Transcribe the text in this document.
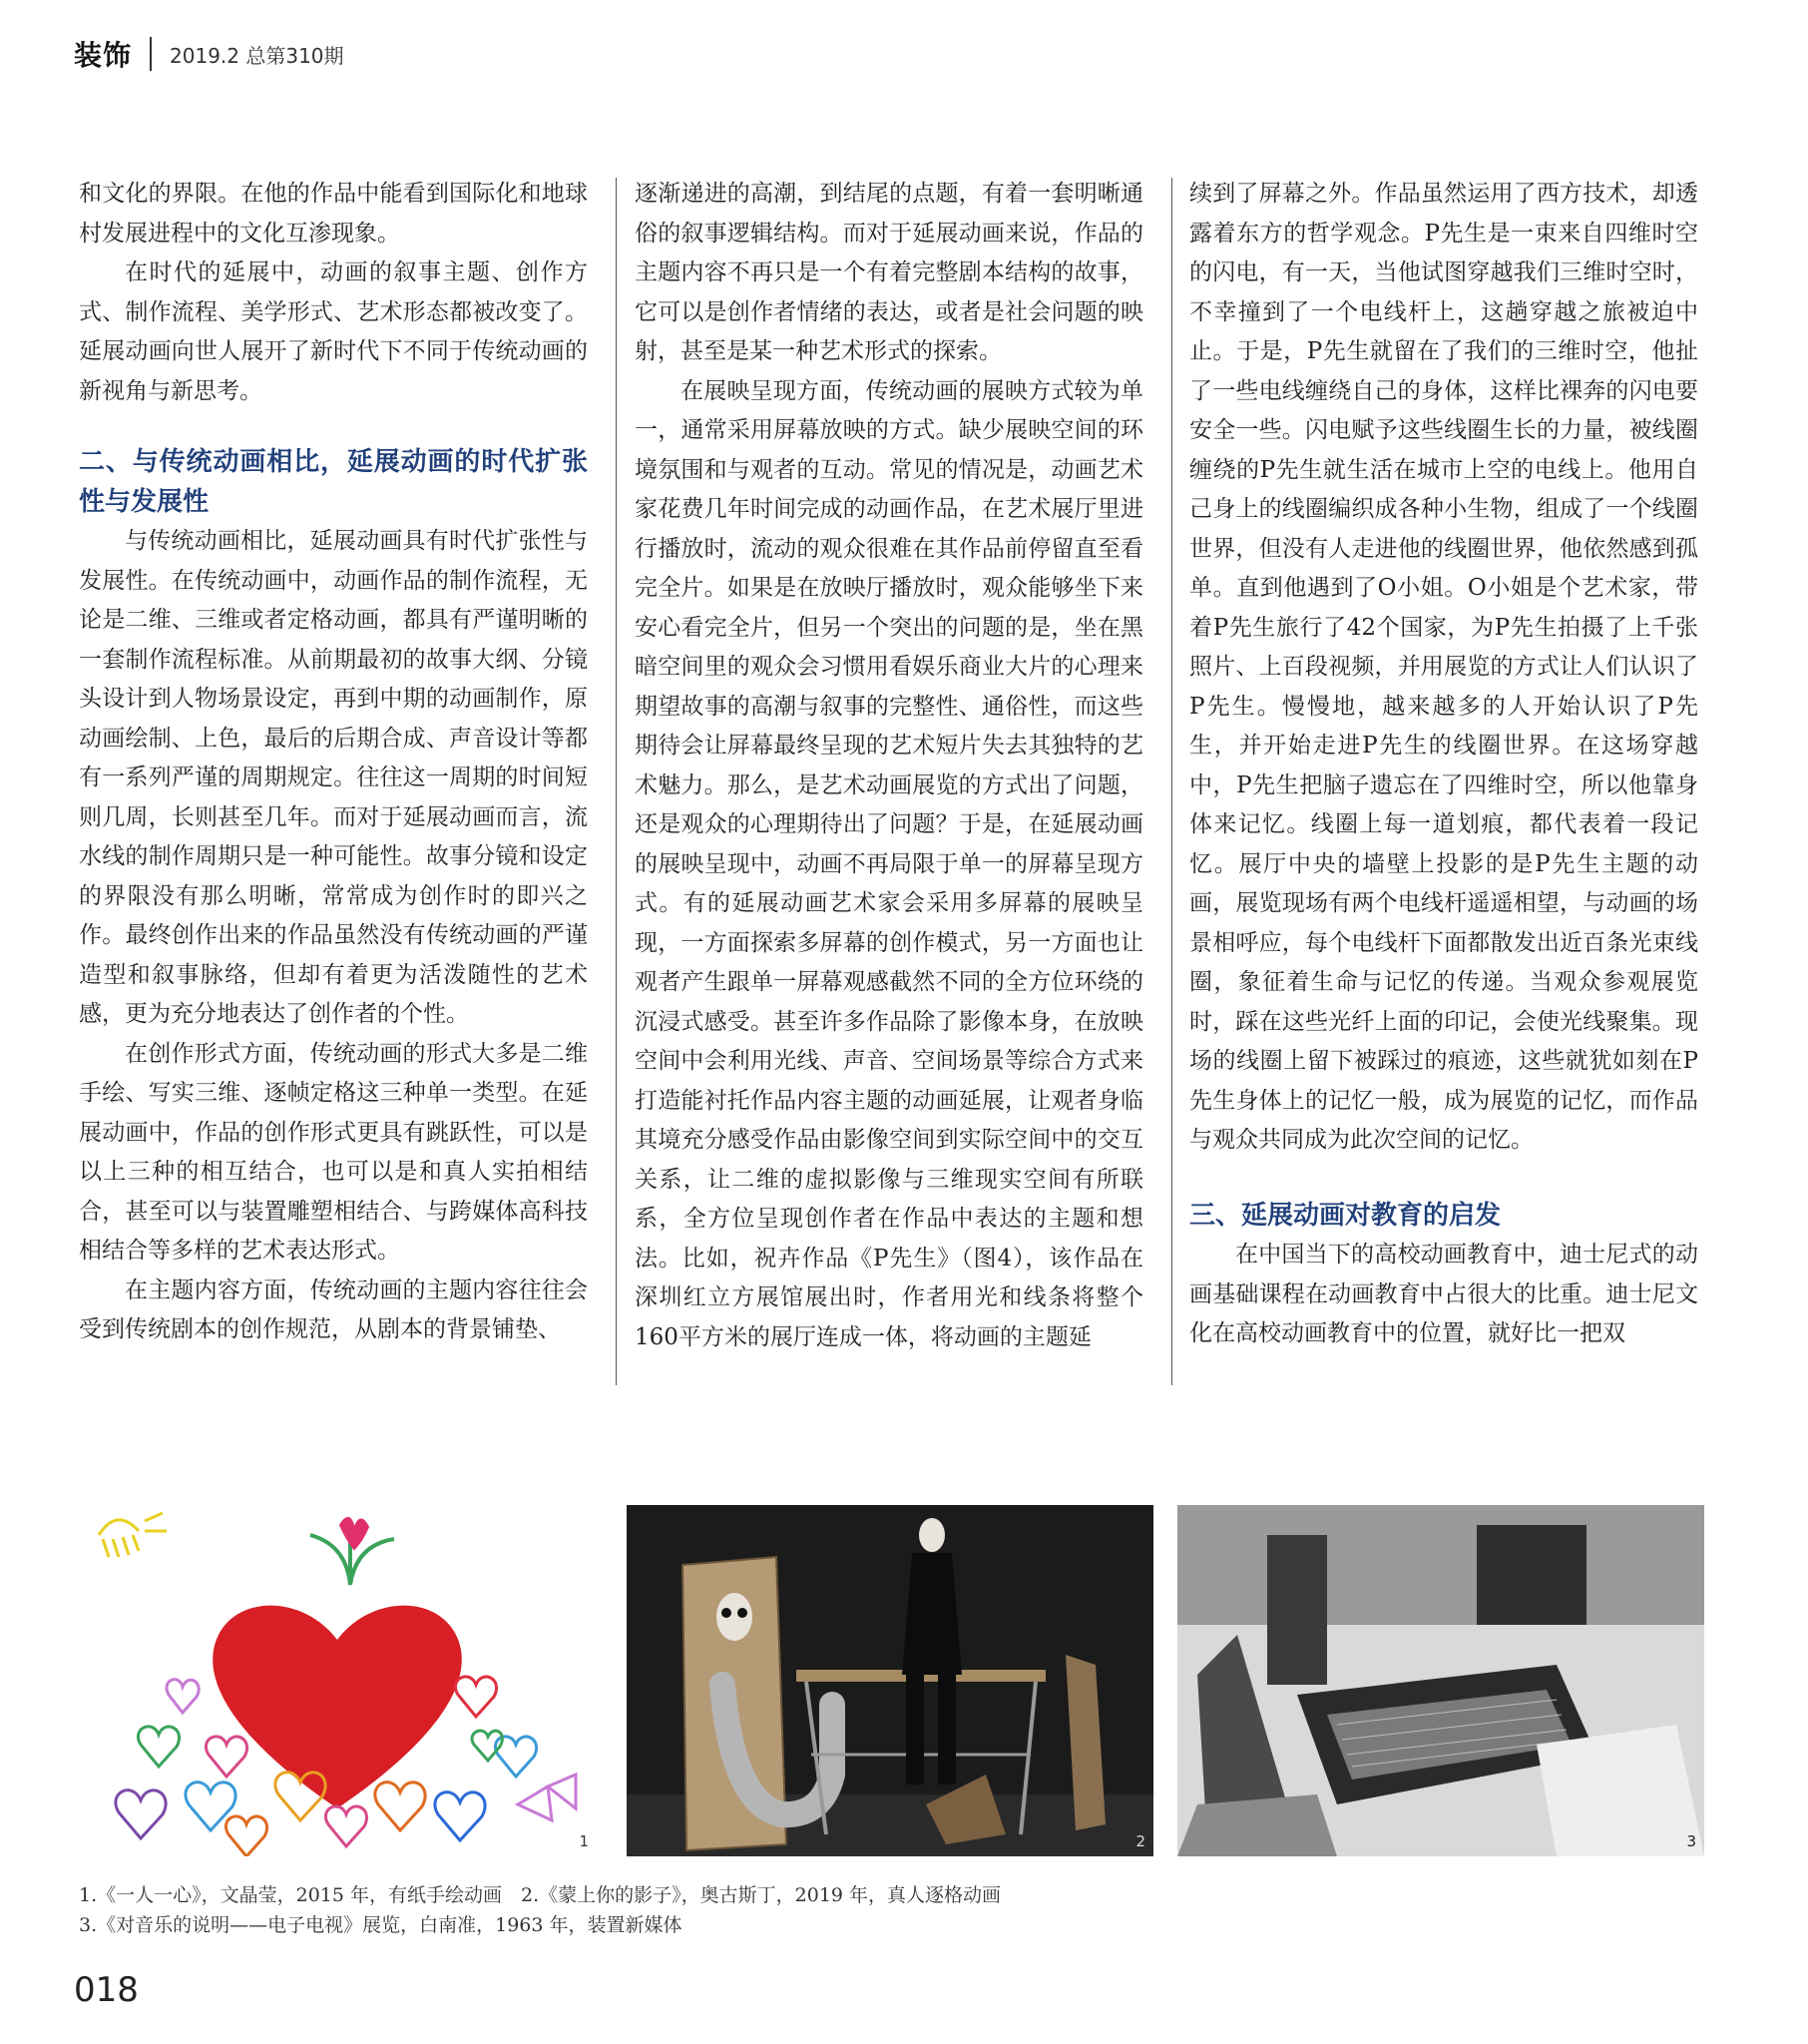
装饰 2019.2 总第310期

和文化的界限。在他的作品中能看到国际化和地球村发展进程中的文化互渗现象。

在时代的延展中，动画的叙事主题、创作方式、制作流程、美学形式、艺术形态都被改变了。延展动画向世人展开了新时代下不同于传统动画的新视角与新思考。

二、与传统动画相比，延展动画的时代扩张性与发展性

与传统动画相比，延展动画具有时代扩张性与发展性。在传统动画中，动画作品的制作流程，无论是二维、三维或者定格动画，都具有严谨明晰的一套制作流程标准。从前期最初的故事大纲、分镜头设计到人物场景设定，再到中期的动画制作，原动画绘制、上色，最后的后期合成、声音设计等都有一系列严谨的周期规定。往往这一周期的时间短则几周，长则甚至几年。而对于延展动画而言，流水线的制作周期只是一种可能性。故事分镜和设定的界限没有那么明晰，常常成为创作时的即兴之作。最终创作出来的作品虽然没有传统动画的严谨造型和叙事脉络，但却有着更为活泼随性的艺术感，更为充分地表达了创作者的个性。

在创作形式方面，传统动画的形式大多是二维手绘、写实三维、逐帧定格这三种单一类型。在延展动画中，作品的创作形式更具有跳跃性，可以是以上三种的相互结合，也可以是和真人实拍相结合，甚至可以与装置雕塑相结合、与跨媒体高科技相结合等多样的艺术表达形式。

在主题内容方面，传统动画的主题内容往往会受到传统剧本的创作规范，从剧本的背景铺垫、

逐渐递进的高潮，到结尾的点题，有着一套明晰通俗的叙事逻辑结构。而对于延展动画来说，作品的主题内容不再只是一个有着完整剧本结构的故事，它可以是创作者情绪的表达，或者是社会问题的映射，甚至是某一种艺术形式的探索。

在展映呈现方面，传统动画的展映方式较为单一，通常采用屏幕放映的方式。缺少展映空间的环境氛围和与观者的互动。常见的情况是，动画艺术家花费几年时间完成的动画作品，在艺术展厅里进行播放时，流动的观众很难在其作品前停留直至看完全片。如果是在放映厅播放时，观众能够坐下来安心看完全片，但另一个突出的问题的是，坐在黑暗空间里的观众会习惯用看娱乐商业大片的心理来期望故事的高潮与叙事的完整性、通俗性，而这些期待会让屏幕最终呈现的艺术短片失去其独特的艺术魅力。那么，是艺术动画展览的方式出了问题，还是观众的心理期待出了问题？于是，在延展动画的展映呈现中，动画不再局限于单一的屏幕呈现方式。有的延展动画艺术家会采用多屏幕的展映呈现，一方面探索多屏幕的创作模式，另一方面也让观者产生跟单一屏幕观感截然不同的全方位环绕的沉浸式感受。甚至许多作品除了影像本身，在放映空间中会利用光线、声音、空间场景等综合方式来打造能衬托作品内容主题的动画延展，让观者身临其境充分感受作品由影像空间到实际空间中的交互关系，让二维的虚拟影像与三维现实空间有所联系，全方位呈现创作者在作品中表达的主题和想法。比如，祝卉作品《P先生》（图4），该作品在深圳红立方展馆展出时，作者用光和线条将整个160平方米的展厅连成一体，将动画的主题延

续到了屏幕之外。作品虽然运用了西方技术，却透露着东方的哲学观念。P先生是一束来自四维时空的闪电，有一天，当他试图穿越我们三维时空时，不幸撞到了一个电线杆上，这趟穿越之旅被迫中止。于是，P先生就留在了我们的三维时空，他扯了一些电线缠绕自己的身体，这样比裸奔的闪电要安全一些。闪电赋予这些线圈生长的力量，被线圈缠绕的P先生就生活在城市上空的电线上。他用自己身上的线圈编织成各种小生物，组成了一个线圈世界，但没有人走进他的线圈世界，他依然感到孤单。直到他遇到了O小姐。O小姐是个艺术家，带着P先生旅行了42个国家，为P先生拍摄了上千张照片、上百段视频，并用展览的方式让人们认识了P先生。慢慢地，越来越多的人开始认识了P先生，并开始走进P先生的线圈世界。在这场穿越中，P先生把脑子遗忘在了四维时空，所以他靠身体来记忆。线圈上每一道划痕，都代表着一段记忆。展厅中央的墙壁上投影的是P先生主题的动画，展览现场有两个电线杆遥遥相望，与动画的场景相呼应，每个电线杆下面都散发出近百条光束线圈，象征着生命与记忆的传递。当观众参观展览时，踩在这些光纤上面的印记，会使光线聚集。现场的线圈上留下被踩过的痕迹，这些就犹如刻在P先生身体上的记忆一般，成为展览的记忆，而作品与观众共同成为此次空间的记忆。

三、延展动画对教育的启发

在中国当下的高校动画教育中，迪士尼式的动画基础课程在动画教育中占很大的比重。迪士尼文化在高校动画教育中的位置，就好比一把双

1	2	3
1.《一人一心》，文晶莹，2015 年，有纸手绘动画　2.《蒙上你的影子》，奥古斯丁，2019 年，真人逐格动画
3.《对音乐的说明——电子电视》展览，白南准，1963 年，装置新媒体
018
